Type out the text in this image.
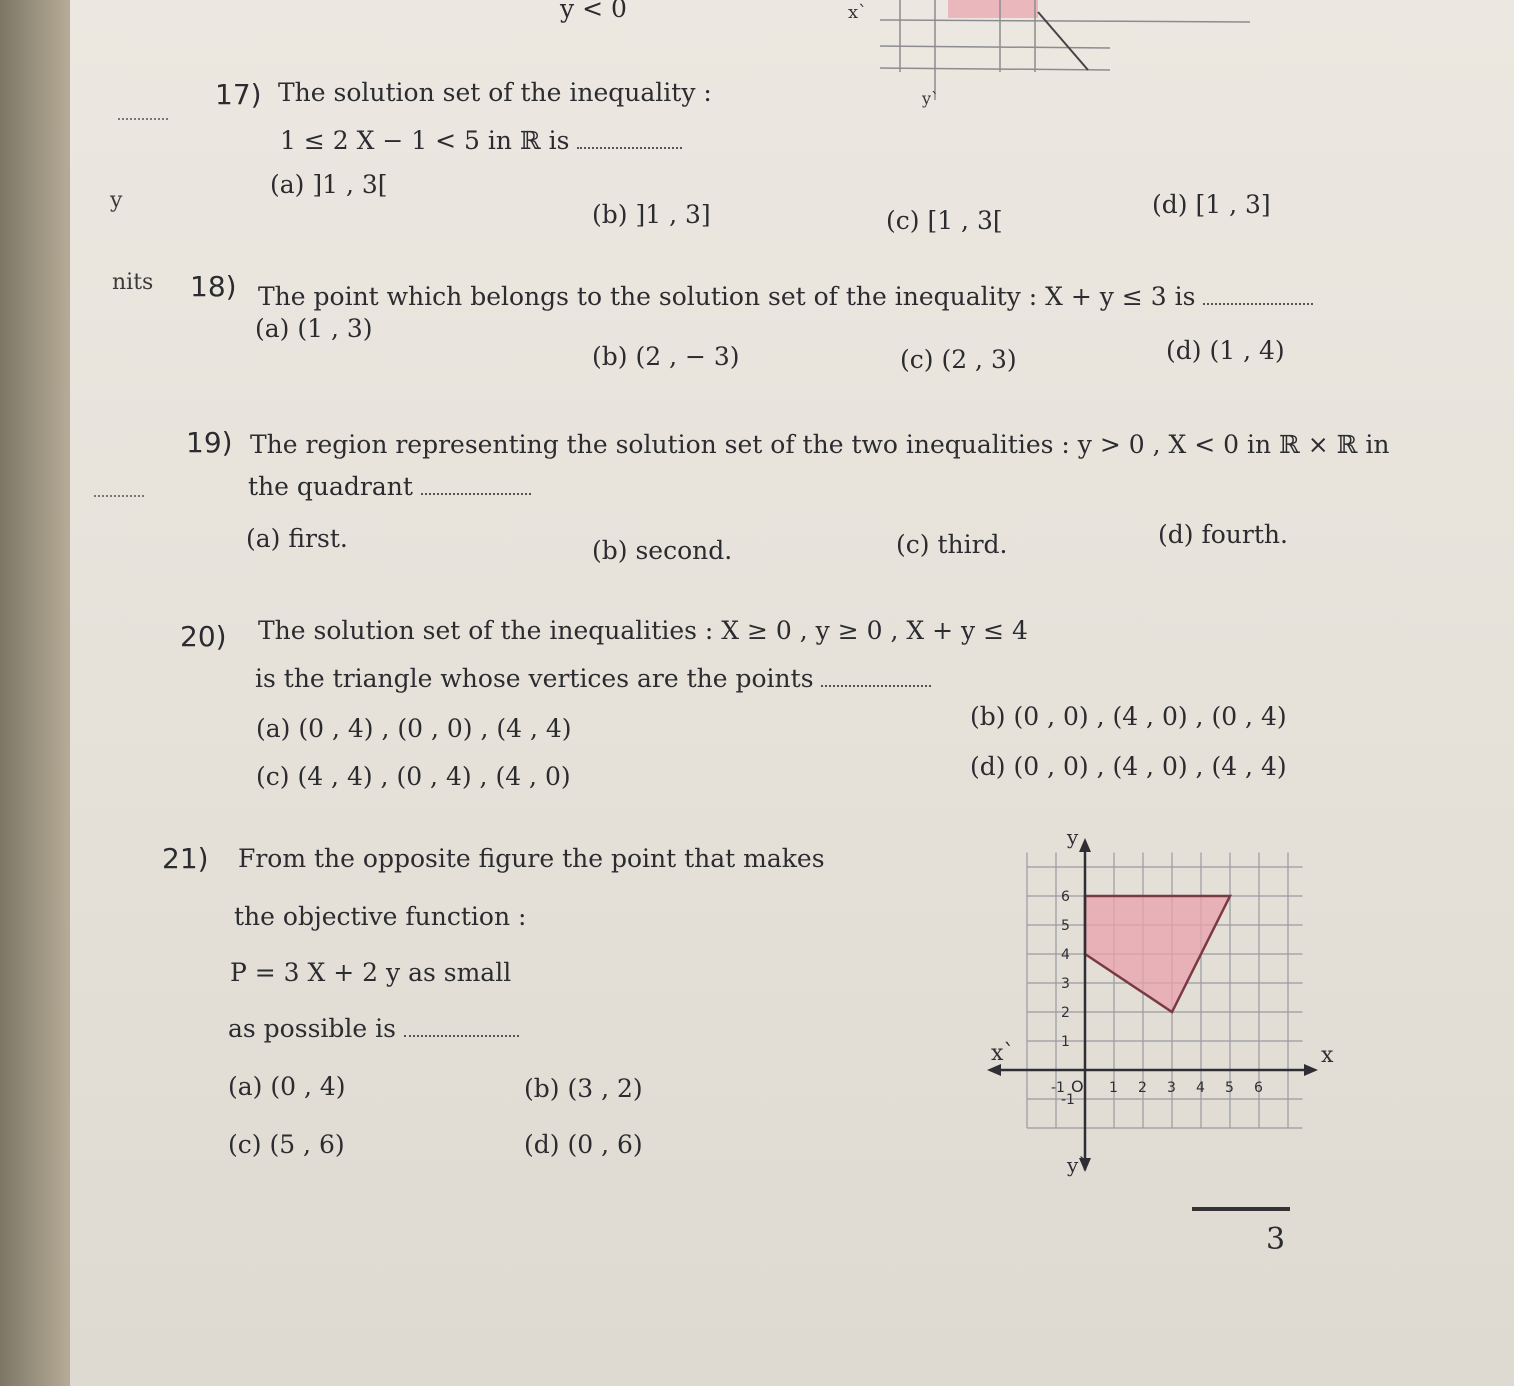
y < 0	x`
y`
y
nits
17) The solution set of the inequality :
1 ≤ 2 X − 1 < 5 in ℝ is
(a) ]1 , 3[
(b) ]1 , 3]	(c) [1 , 3[
(d) [1 , 3]
18) The point which belongs to the solution set of the inequality : X + y ≤ 3 is
(a) (1 , 3)
(b) (2 , − 3)	(c) (2 , 3)	(d) (1 , 4)
19) The region representing the solution set of the two inequalities : y > 0 , X < 0 in ℝ × ℝ in
the quadrant
(a) first.	(b) second.	(c) third.	(d) fourth.
20) The solution set of the inequalities : X ≥ 0 , y ≥ 0 , X + y ≤ 4
is the triangle whose vertices are the points
(a) (0 , 4) , (0 , 0) , (4 , 4)	(b) (0 , 0) , (4 , 0) , (0 , 4)
(c) (4 , 4) , (0 , 4) , (4 , 0)	(d) (0 , 0) , (4 , 0) , (4 , 4)
21) From the opposite figure the point that makes
the objective function :
P = 3 X + 2 y as small
as possible is
(a) (0 , 4)	(b) (3 , 2)
(c) (5 , 6)	(d) (0 , 6)
-1	1 2 3 4 5 6
-1
1
2
3
4
5
6
y
y`
x
x`
O
3
